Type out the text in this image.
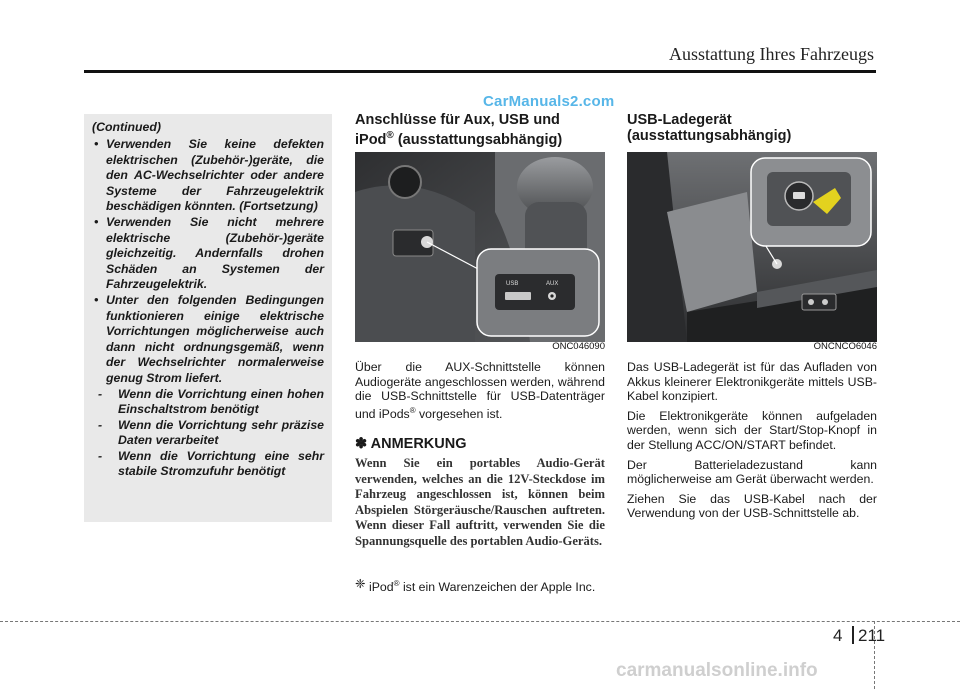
Ausstattung Ihres Fahrzeugs
CarManuals2.com
(Continued)
• Verwenden Sie keine defekten elektrischen (Zubehör-)geräte, die den AC-Wechselrichter oder andere Systeme der Fahrzeugelektrik beschädigen könnten. (Fortsetzung)
• Verwenden Sie nicht mehrere elektrische (Zubehör-)geräte gleichzeitig. Andernfalls drohen Schäden an Systemen der Fahrzeugelektrik.
• Unter den folgenden Bedingungen funktionieren einige elektrische Vorrichtungen möglicherweise auch dann nicht ordnungsgemäß, wenn der Wechselrichter normalerweise genug Strom liefert.
- Wenn die Vorrichtung einen hohen Einschaltstrom benötigt
- Wenn die Vorrichtung sehr präzise Daten verarbeitet
- Wenn die Vorrichtung eine sehr stabile Stromzufuhr benötigt
Anschlüsse für Aux, USB und
iPod® (ausstattungsabhängig)
USB	AUX
ONC046090

Über die AUX-Schnittstelle können Audiogeräte angeschlossen werden, während die USB-Schnittstelle für USB-Datenträger und iPods® vorgesehen ist.

✽ ANMERKUNG
Wenn Sie ein portables Audio-Gerät verwenden, welches an die 12V-Steckdose im Fahrzeug angeschlossen ist, können beim Abspielen Störgeräusche/Rauschen auftreten. Wenn dieser Fall auftritt, verwenden Sie die Spannungsquelle des portablen Audio-Geräts.
❈ iPod® ist ein Warenzeichen der Apple Inc.
USB-Ladegerät
(ausstattungsabhängig)
ONCNCO6046

Das USB-Ladegerät ist für das Aufladen von Akkus kleinerer Elektronikgeräte mittels USB-Kabel konzipiert.

Die Elektronikgeräte können aufgeladen werden, wenn sich der Start/Stop-Knopf in der Stellung ACC/ON/START befindet.

Der Batterieladezustand kann möglicherweise am Gerät überwacht werden.

Ziehen Sie das USB-Kabel nach der Verwendung von der USB-Schnittstelle ab.

4 211
carmanualsonline.info
